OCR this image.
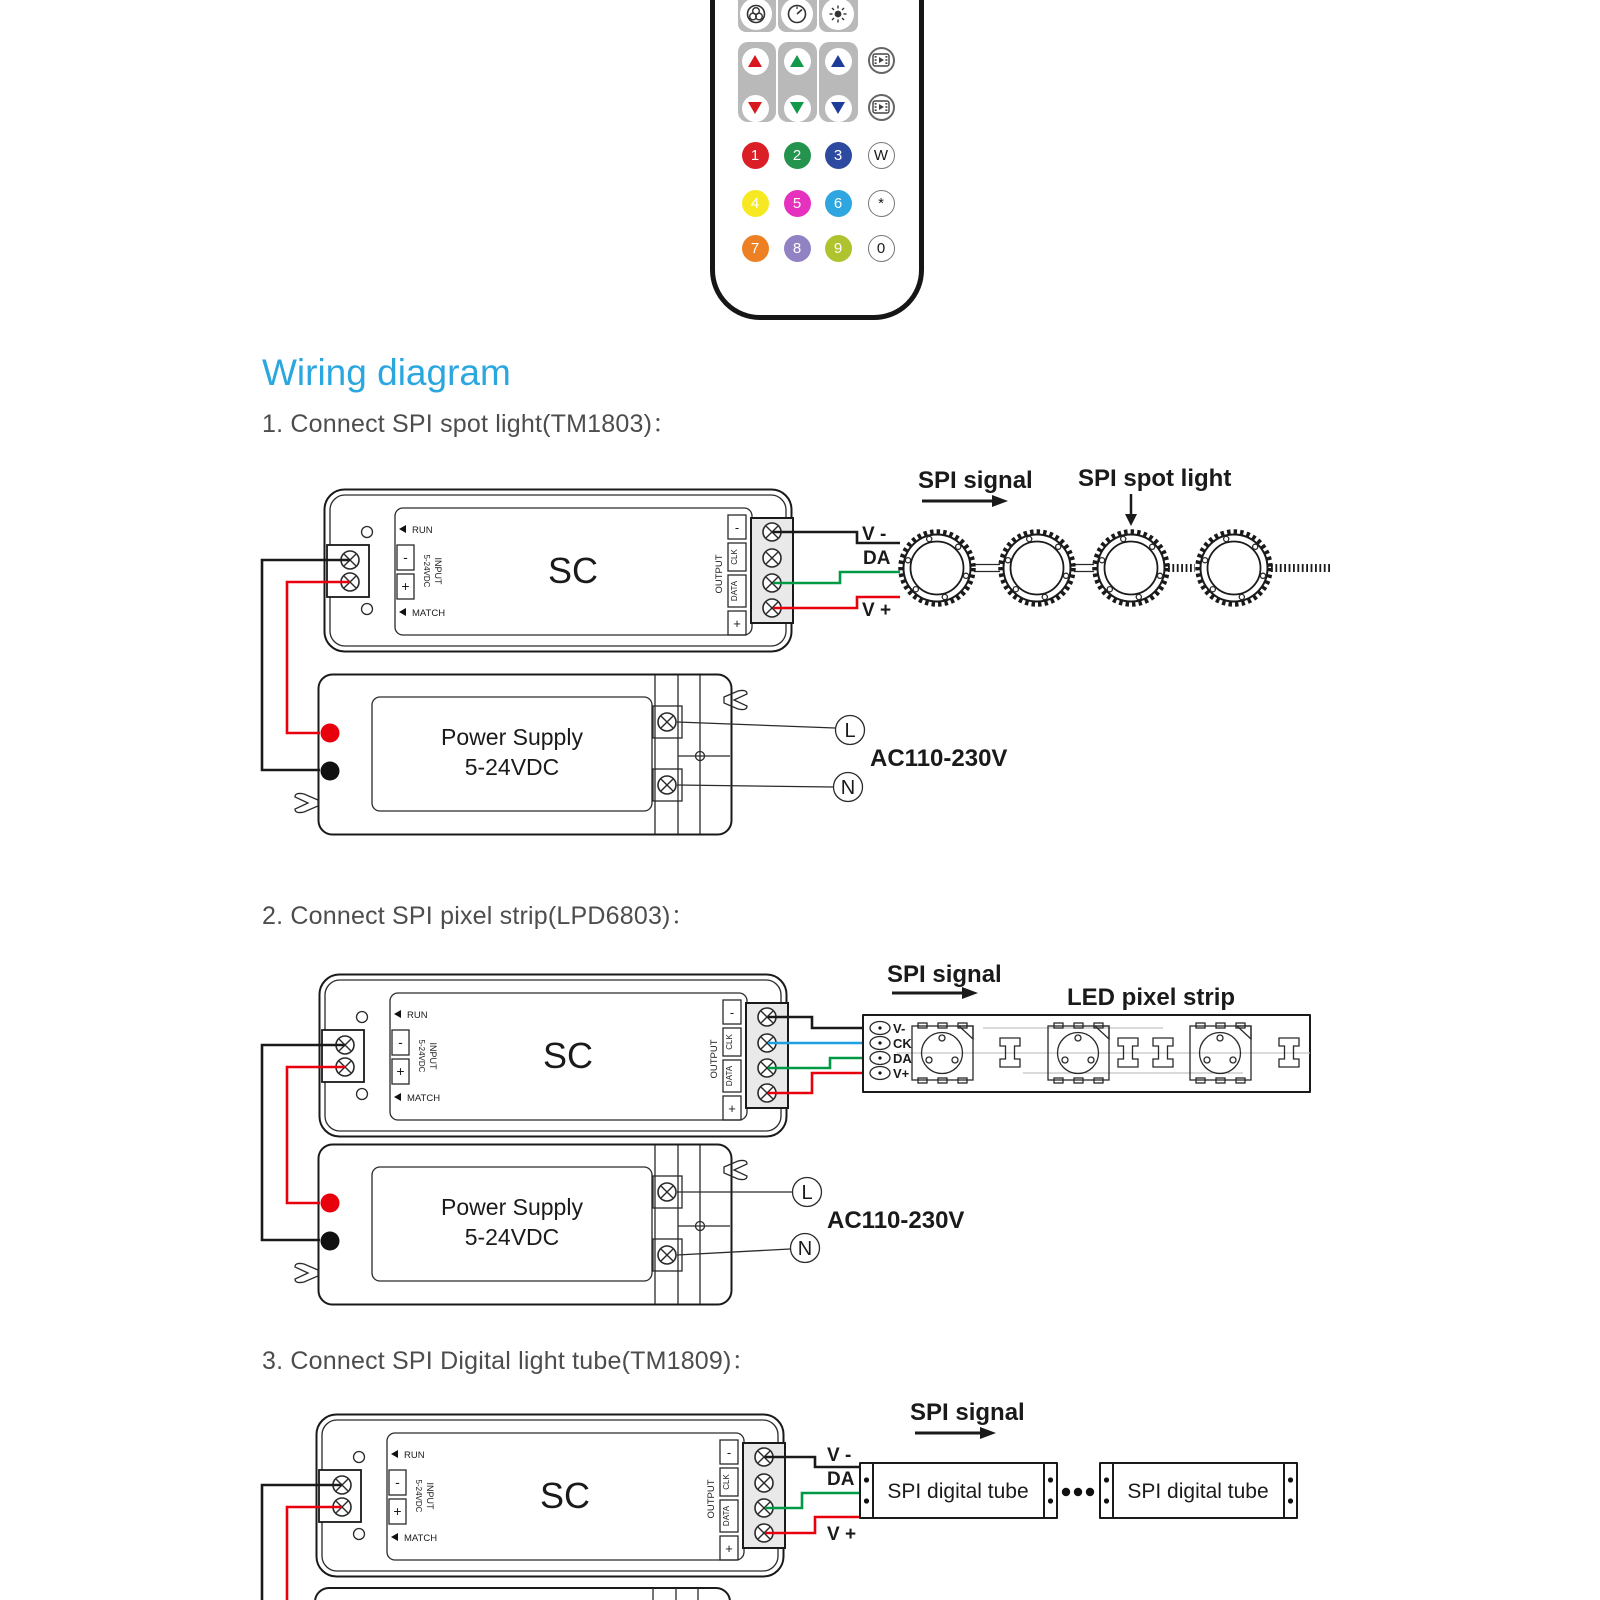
RUN
MATCH
-
+	5-24VDC INPUT	SC	OUTPUT
-
CLK
DATA
+
Power Supply
5-24VDC
SPI digital tube
1	2	3	W
4	5	6	*
7	8	9	0
Wiring diagram
1. Connect SPI spot light(TM1803)：
2. Connect SPI pixel strip(LPD6803)：
3. Connect SPI Digital light tube(TM1809)：
L
N
AC110-230V
V -
DA
V +
SPI signal SPI spot light
L
N
AC110-230V
SPI signal
LED pixel strip
V-
CK
DA
V+
V -
DA
V +
SPI signal
